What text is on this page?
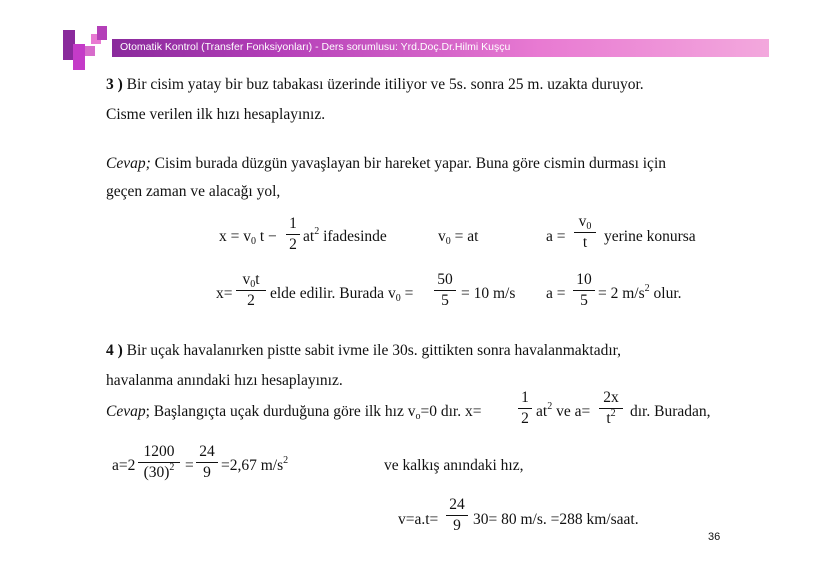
Otomatik Kontrol (Transfer Fonksiyonları) - Ders sorumlusu: Yrd.Doç.Dr.Hilmi Kuşçu
3 ) Bir cisim yatay bir buz tabakası üzerinde itiliyor ve 5s. sonra 25 m. uzakta duruyor.
Cisme verilen ilk hızı hesaplayınız.
Cevap; Cisim burada düzgün yavaşlayan bir hareket yapar. Buna göre cismin durması için
geçen zaman ve alacağı yol,
$x = v_0$ $t - \frac{1}{2} at^2$ ifadesinde	$v_0$ = at	$a = \frac{v_0}{t}$ yerine konursa
$x= \frac{v_0t}{2}$ elde edilir. Burada $v_0 = \frac{50}{5} = 10$ m/s $a = \frac{10}{5} = 2$ $m/s^2$ olur.
4 ) Bir uçak havalanırken pistte sabit ivme ile 30s. gittikten sonra havalanmaktadır,
havalanma anındaki hızı hesaplayınız.
Cevap; Başlangıçta uçak durduğuna göre ilk hız $v_o=0$ dır. $x= \frac{1}{2} at^2$ ve $a= \frac{2x}{t^2}$ dır. Buradan,
$a=2 \frac{1200}{(30)^2} = \frac{24}{9} =2,67$ $m/s^2$	ve kalkış anındaki hız,
$v=a.t= \frac{24}{9} 30= 80$ m/s. =288 km/saat.
36
